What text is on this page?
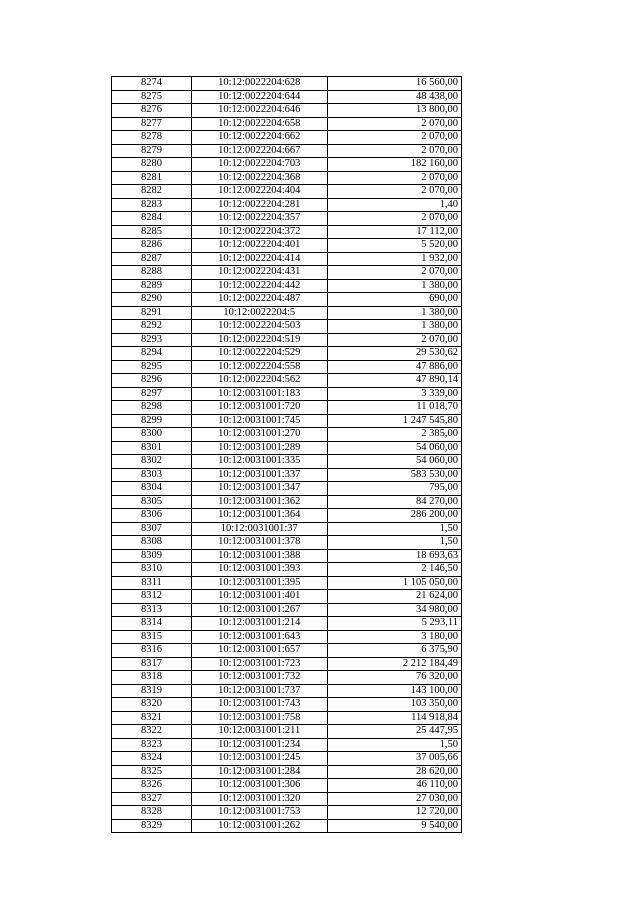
8274	10:12:0022204:628	16 560,00
8275	10:12:0022204:644	48 438,00
8276	10:12:0022204:646	13 800,00
8277	10:12:0022204:658	2 070,00
8278	10:12:0022204:662	2 070,00
8279	10:12:0022204:667	2 070,00
8280	10:12:0022204:703	182 160,00
8281	10:12:0022204:368	2 070,00
8282	10:12:0022204:404	2 070,00
8283	10:12:0022204:281	1,40
8284	10:12:0022204:357	2 070,00
8285	10:12:0022204:372	17 112,00
8286	10:12:0022204:401	5 520,00
8287	10:12:0022204:414	1 932,00
8288	10:12:0022204:431	2 070,00
8289	10:12:0022204:442	1 380,00
8290	10:12:0022204:487	690,00
8291	10:12:0022204:5	1 380,00
8292	10:12:0022204:503	1 380,00
8293	10:12:0022204:519	2 070,00
8294	10:12:0022204:529	29 530,62
8295	10:12:0022204:558	47 886,00
8296	10:12:0022204:562	47 890,14
8297	10:12:0031001:183	3 339,00
8298	10:12:0031001:720	11 018,70
8299	10:12:0031001:745	1 247 545,80
8300	10:12:0031001:270	2 385,00
8301	10:12:0031001:289	54 060,00
8302	10:12:0031001:335	54 060,00
8303	10:12:0031001:337	583 530,00
8304	10:12:0031001:347	795,00
8305	10:12:0031001:362	84 270,00
8306	10:12:0031001:364	286 200,00
8307	10:12:0031001:37	1,50
8308	10:12:0031001:378	1,50
8309	10:12:0031001:388	18 693,63
8310	10:12:0031001:393	2 146,50
8311	10:12:0031001:395	1 105 050,00
8312	10:12:0031001:401	21 624,00
8313	10:12:0031001:267	34 980,00
8314	10:12:0031001:214	5 293,11
8315	10:12:0031001:643	3 180,00
8316	10:12:0031001:657	6 375,90
8317	10:12:0031001:723	2 212 184,49
8318	10:12:0031001:732	76 320,00
8319	10:12:0031001:737	143 100,00
8320	10:12:0031001:743	103 350,00
8321	10:12:0031001:758	114 918,84
8322	10:12:0031001:211	25 447,95
8323	10:12:0031001:234	1,50
8324	10:12:0031001:245	37 005,66
8325	10:12:0031001:284	28 620,00
8326	10:12:0031001:306	46 110,00
8327	10:12:0031001:320	27 030,00
8328	10:12:0031001:753	12 720,00
8329	10:12:0031001:262	9 540,00
